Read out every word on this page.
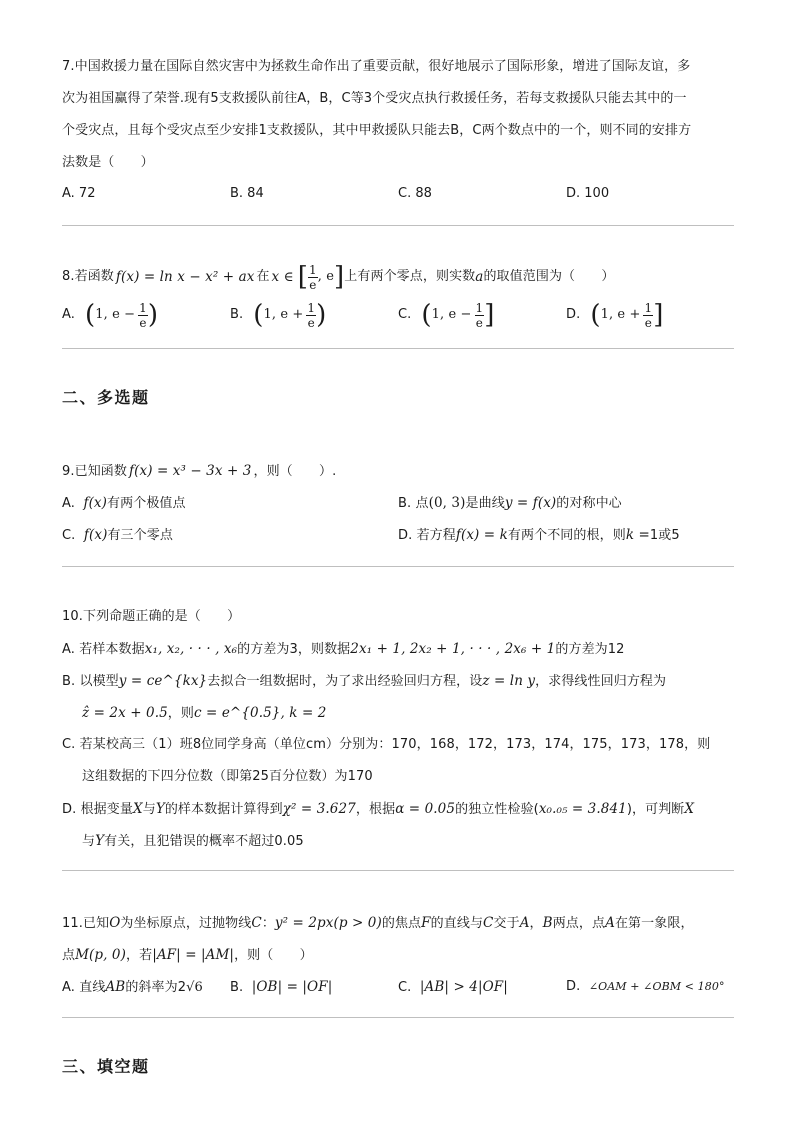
7.中国救援力量在国际自然灾害中为拯救生命作出了重要贡献，很好地展示了国际形象，增进了国际友谊，多
次为祖国赢得了荣誉.现有5支救援队前往A，B，C等3个受灾点执行救援任务，若每支救援队只能去其中的一
个受灾点，且每个受灾点至少安排1支救援队，其中甲救援队只能去B，C两个数点中的一个，则不同的安排方
法数是（　　）
A. 72	B. 84	C. 88	D. 100
8.若函数 f(x) = ln x − x² + ax 在 x ∈ [ $\frac{1}{e}$ , e ] 上有两个零点，则实数 a 的取值范围为（　　）
A. ( 1, $e - \frac{1}{e}$ )	B. ( 1, $e + \frac{1}{e}$ )	C. ( 1, $e - \frac{1}{e}$ ]	D. ( 1, $e + \frac{1}{e}$ ]
二、多选题
9.已知函数 f(x) = x³ − 3x + 3 ，则（　　）.
A. f(x)有两个极值点	B. 点(0, 3)是曲线y = f(x)的对称中心
C. f(x)有三个零点	D. 若方程f(x) = k有两个不同的根，则k =1或5
10.下列命题正确的是（　　）
A. 若样本数据x₁, x₂, · · · , x₆的方差为3，则数据2x₁ + 1, 2x₂ + 1, · · · , 2x₆ + 1的方差为12
B. 以模型y = ce^{kx}去拟合一组数据时，为了求出经验回归方程，设z = ln y，求得线性回归方程为
ẑ = 2x + 0.5，则c = e^{0.5}, k = 2
C. 若某校高三（1）班8位同学身高（单位cm）分别为：170，168，172，173，174，175，173，178，则
这组数据的下四分位数（即第25百分位数）为170
D. 根据变量X与Y的样本数据计算得到χ² = 3.627，根据α = 0.05的独立性检验(x₀.₀₅ = 3.841)，可判断X
与Y有关，且犯错误的概率不超过0.05
11.已知O为坐标原点，过抛物线C：y² = 2px(p > 0)的焦点F的直线与C交于A，B两点，点A在第一象限，
点M(p, 0)，若|AF| = |AM|，则（　　）
A. 直线AB的斜率为2√6 B. |OB| = |OF|	C. |AB| > 4|OF|	D. ∠OAM + ∠OBM < 180°
三、填空题
